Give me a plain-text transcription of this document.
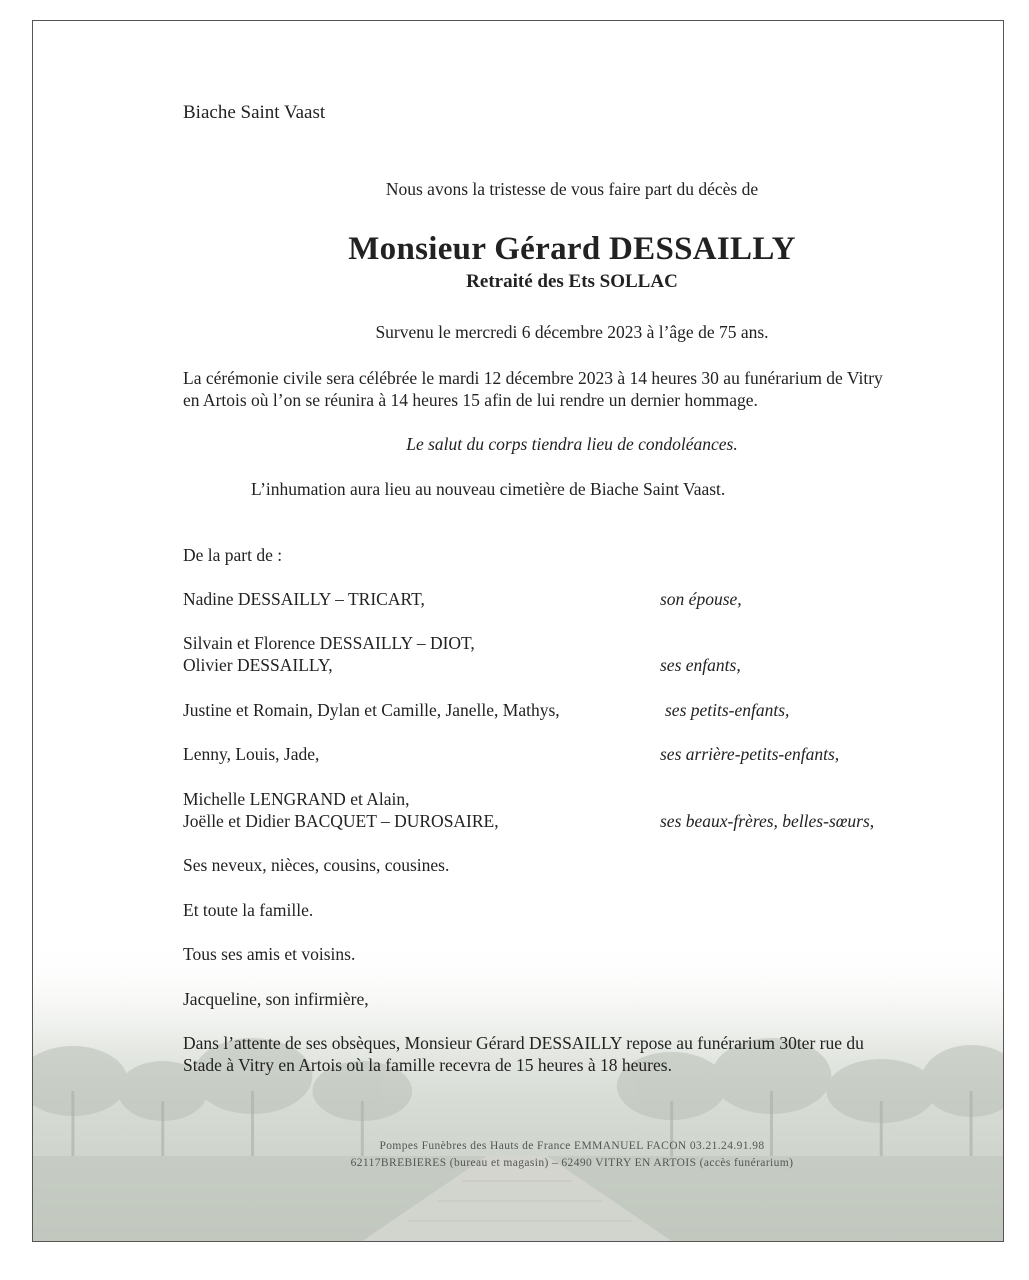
Biache Saint Vaast
Nous avons la tristesse de vous faire part du décès de
Monsieur Gérard DESSAILLY
Retraité des Ets SOLLAC
Survenu le mercredi 6 décembre 2023 à l’âge de 75 ans.
La cérémonie civile sera célébrée le mardi 12 décembre 2023 à 14 heures 30 au funérarium de Vitry
en Artois où l’on se réunira à 14 heures 15 afin de lui rendre un dernier hommage.
Le salut du corps tiendra lieu de condoléances.
L’inhumation aura lieu au nouveau cimetière de Biache Saint Vaast.
De la part de :
Nadine DESSAILLY – TRICART,	son épouse,
Silvain et Florence DESSAILLY – DIOT,
Olivier DESSAILLY,	ses enfants,
Justine et Romain, Dylan et Camille, Janelle, Mathys,	ses petits-enfants,
Lenny, Louis, Jade,	ses arrière-petits-enfants,
Michelle LENGRAND et Alain,
Joëlle et Didier BACQUET – DUROSAIRE,	ses beaux-frères, belles-sœurs,
Ses neveux, nièces, cousins, cousines.
Et toute la famille.
Tous ses amis et voisins.
Jacqueline, son infirmière,
Dans l’attente de ses obsèques, Monsieur Gérard DESSAILLY repose au funérarium 30ter rue du
Stade à Vitry en Artois où la famille recevra de 15 heures à 18 heures.
Pompes Funèbres des Hauts de France EMMANUEL FACON 03.21.24.91.98
62117BREBIERES (bureau et magasin) – 62490 VITRY EN ARTOIS (accès funérarium)
